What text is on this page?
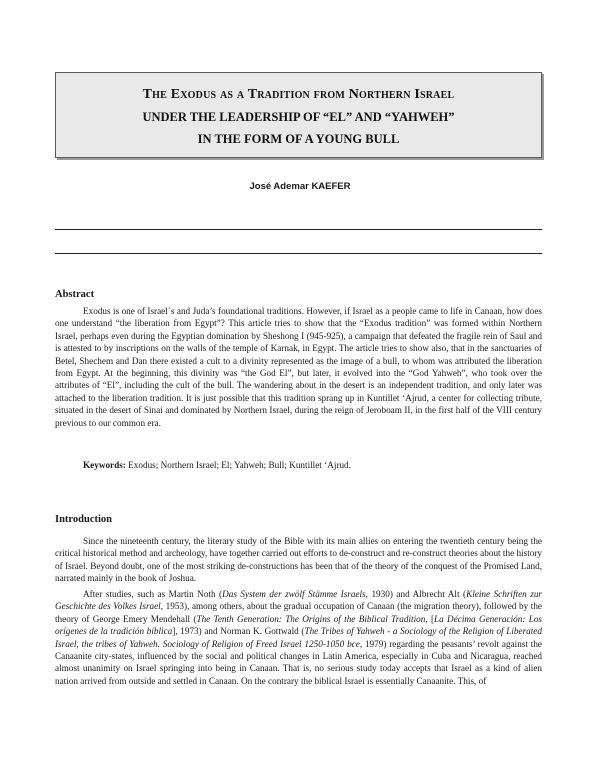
The Exodus as a Tradition from Northern Israel
UNDER THE LEADERSHIP OF “EL” AND “YAHWEH”
IN THE FORM OF A YOUNG BULL
José Ademar KAEFER
Abstract

Exodus is one of Israel´s and Juda’s foundational traditions. However, if Israel as a people came to life in Canaan, how does one understand “the liberation from Egypt”? This article tries to show that the “Exodus tradition” was formed within Northern Israel, perhaps even during the Egyptian domination by Sheshong I (945-925), a campaign that defeated the fragile rein of Saul and is attested to by inscriptions on the walls of the temple of Karnak, in Egypt. The article tries to show also, that in the sanctuaries of Betel, Shechem and Dan there existed a cult to a divinity represented as the image of a bull, to whom was attributed the liberation from Egypt. At the beginning, this divinity was “the God El”, but later, it evolved into the “God Yahweh”, who took over the attributes of “El”, including the cult of the bull. The wandering about in the desert is an independent tradition, and only later was attached to the liberation tradition. It is just possible that this tradition sprang up in Kuntillet ‘Ajrud, a center for collecting tribute, situated in the desert of Sinai and dominated by Northern Israel, during the reign of Jeroboam II, in the first half of the VIII century previous to our common era.

Keywords: Exodus; Northern Israel; El; Yahweh; Bull; Kuntillet ‘Ajrud.
Introduction

Since the nineteenth century, the literary study of the Bible with its main allies on entering the twentieth century being the critical historical method and archeology, have together carried out efforts to de-construct and re-construct theories about the history of Israel. Beyond doubt, one of the most striking de-constructions has been that of the theory of the conquest of the Promised Land, narrated mainly in the book of Joshua.

After studies, such as Martin Noth (Das System der zwölf Stämme Israels, 1930) and Albrecht Alt (Kleine Schriften zur Geschichte des Volkes Israel, 1953), among others, about the gradual occupation of Canaan (the migration theory), followed by the theory of George Emery Mendehall (The Tenth Generation: The Origins of the Biblical Tradition, [La Décima Generación: Los orígenes de la tradición bíblica], 1973) and Norman K. Gottwald (The Tribes of Yahweh - a Sociology of the Religion of Liberated Israel, the tribes of Yahweh. Sociology of Religion of Freed Israel 1250-1050 bce, 1979) regarding the peasants’ revolt against the Canaanite city-states, influenced by the social and political changes in Latin America, especially in Cuba and Nicaragua, reached almost unanimity on Israel springing into being in Canaan. That is, no serious study today accepts that Israel as a kind of alien nation arrived from outside and settled in Canaan. On the contrary the biblical Israel is essentially Canaanite. This, of
